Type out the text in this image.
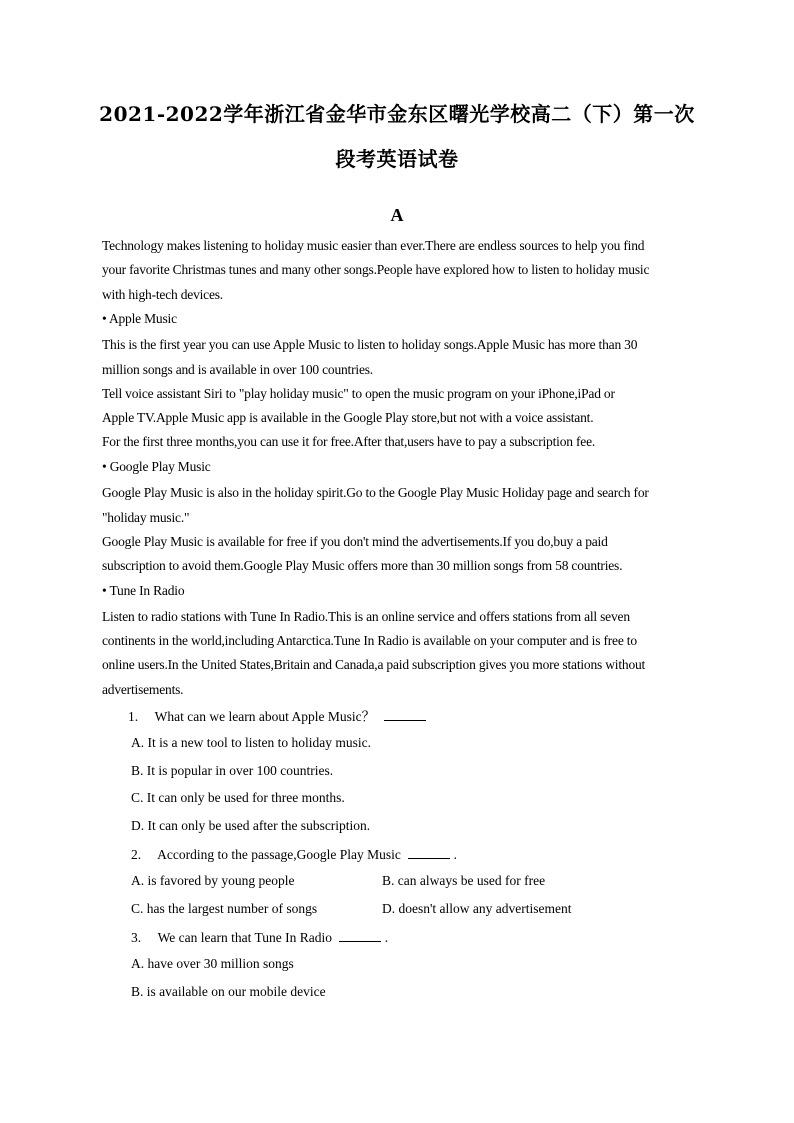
2021-2022学年浙江省金华市金东区曙光学校高二（下）第一次
段考英语试卷
A
Technology makes listening to holiday music easier than ever.There are endless sources to help you find
your favorite Christmas tunes and many other songs.People have explored how to listen to holiday music
with high-tech devices.
• Apple Music
This is the first year you can use Apple Music to listen to holiday songs.Apple Music has more than 30
million songs and is available in over 100 countries.
Tell voice assistant Siri to "play holiday music" to open the music program on your iPhone,iPad or
Apple TV.Apple Music app is available in the Google Play store,but not with a voice assistant.
For the first three months,you can use it for free.After that,users have to pay a subscription fee.
• Google Play Music
Google Play Music is also in the holiday spirit.Go to the Google Play Music Holiday page and search for
"holiday music."
Google Play Music is available for free if you don't mind the advertisements.If you do,buy a paid
subscription to avoid them.Google Play Music offers more than 30 million songs from 58 countries.
• Tune In Radio
Listen to radio stations with Tune In Radio.This is an online service and offers stations from all seven
continents in the world,including Antarctica.Tune In Radio is available on your computer and is free to
online users.In the United States,Britain and Canada,a paid subscription gives you more stations without
advertisements.
1. What can we learn about Apple Music？
A. It is a new tool to listen to holiday music.
B. It is popular in over 100 countries.
C. It can only be used for three months.
D. It can only be used after the subscription.
2. According to the passage,Google Play Music	.
A. is favored by young people	B. can always be used for free
C. has the largest number of songs	D. doesn't allow any advertisement
3. We can learn that Tune In Radio	.
A. have over 30 million songs
B. is available on our mobile device
